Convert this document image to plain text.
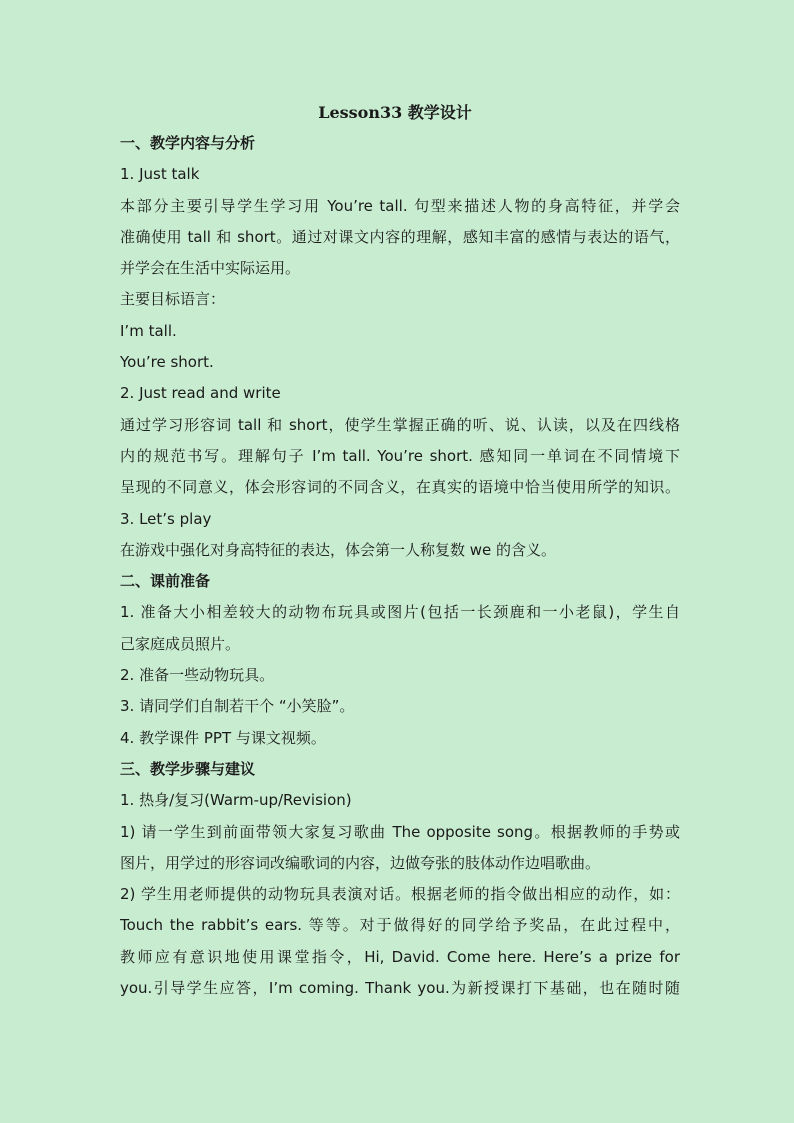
Lesson33 教学设计
一、教学内容与分析
1. Just talk
本部分主要引导学生学习用 You’re tall. 句型来描述人物的身高特征，并学会
准确使用 tall 和 short。通过对课文内容的理解，感知丰富的感情与表达的语气，
并学会在生活中实际运用。
主要目标语言：
I’m tall.
You’re short.
2. Just read and write
通过学习形容词 tall 和 short，使学生掌握正确的听、说、认读，以及在四线格
内的规范书写。理解句子 I’m tall. You’re short. 感知同一单词在不同情境下
呈现的不同意义，体会形容词的不同含义，在真实的语境中恰当使用所学的知识。
3. Let’s play
在游戏中强化对身高特征的表达，体会第一人称复数 we 的含义。
二、课前准备
1. 准备大小相差较大的动物布玩具或图片(包括一长颈鹿和一小老鼠)，学生自
己家庭成员照片。
2. 准备一些动物玩具。
3. 请同学们自制若干个 “小笑脸”。
4. 教学课件 PPT 与课文视频。
三、教学步骤与建议
1. 热身/复习(Warm-up/Revision)
1) 请一学生到前面带领大家复习歌曲 The opposite song。根据教师的手势或
图片，用学过的形容词改编歌词的内容，边做夸张的肢体动作边唱歌曲。
2) 学生用老师提供的动物玩具表演对话。根据老师的指令做出相应的动作，如：
Touch the rabbit’s ears. 等等。对于做得好的同学给予奖品，在此过程中，
教师应有意识地使用课堂指令，Hi, David. Come here. Here’s a prize for
you.引导学生应答，I’m coming. Thank you.为新授课打下基础，也在随时随
